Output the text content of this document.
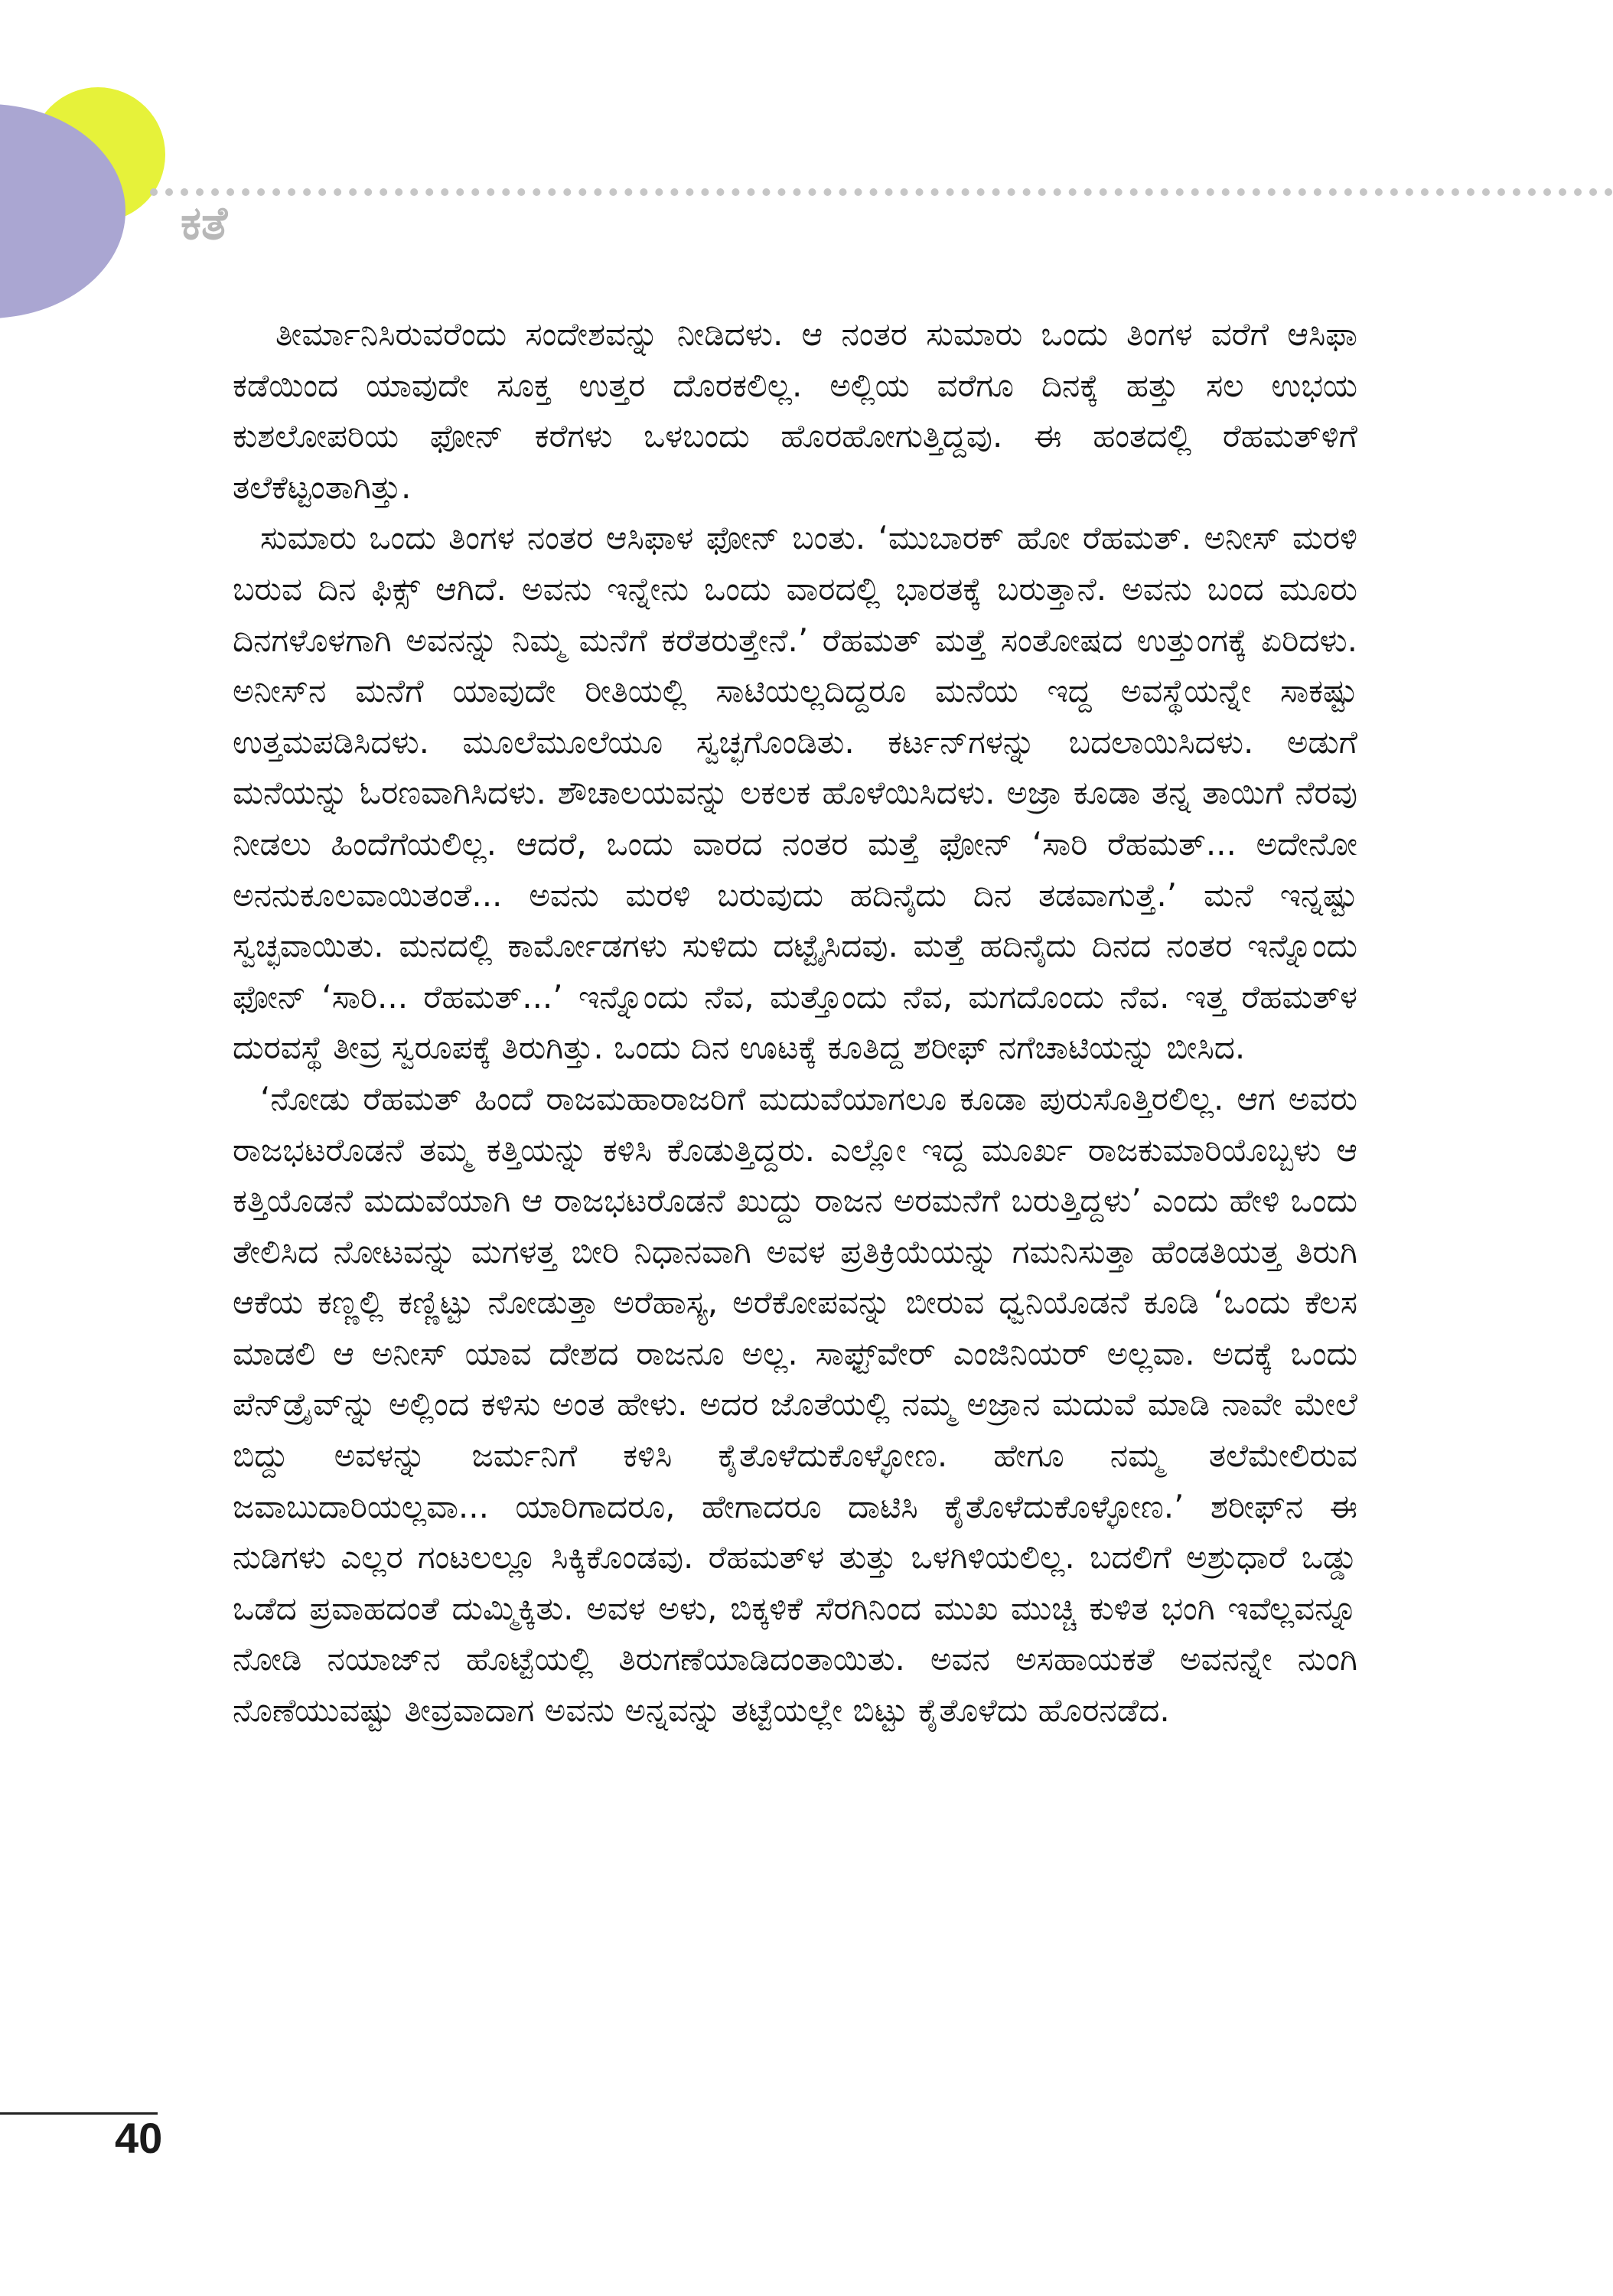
ಕತೆ

ತೀರ್ಮಾನಿಸಿರುವರೆಂದು ಸಂದೇಶವನ್ನು ನೀಡಿದಳು. ಆ ನಂತರ ಸುಮಾರು ಒಂದು ತಿಂಗಳ ವರೆಗೆ ಆಸಿಫಾ ಕಡೆಯಿಂದ ಯಾವುದೇ ಸೂಕ್ತ ಉತ್ತರ ದೊರಕಲಿಲ್ಲ. ಅಲ್ಲಿಯ ವರೆಗೂ ದಿನಕ್ಕೆ ಹತ್ತು ಸಲ ಉಭಯ ಕುಶಲೋಪರಿಯ ಫೋನ್ ಕರೆಗಳು ಒಳಬಂದು ಹೊರಹೋಗುತ್ತಿದ್ದವು. ಈ ಹಂತದಲ್ಲಿ ರೆಹಮತ್‌ಳಿಗೆ ತಲೆಕೆಟ್ಟಂತಾಗಿತ್ತು.

ಸುಮಾರು ಒಂದು ತಿಂಗಳ ನಂತರ ಆಸಿಫಾಳ ಫೋನ್ ಬಂತು. ‘ಮುಬಾರಕ್ ಹೋ ರೆಹಮತ್. ಅನೀಸ್ ಮರಳಿ ಬರುವ ದಿನ ಫಿಕ್ಸ್ ಆಗಿದೆ. ಅವನು ಇನ್ನೇನು ಒಂದು ವಾರದಲ್ಲಿ ಭಾರತಕ್ಕೆ ಬರುತ್ತಾನೆ. ಅವನು ಬಂದ ಮೂರು ದಿನಗಳೊಳಗಾಗಿ ಅವನನ್ನು ನಿಮ್ಮ ಮನೆಗೆ ಕರೆತರುತ್ತೇನೆ.’ ರೆಹಮತ್ ಮತ್ತೆ ಸಂತೋಷದ ಉತ್ತುಂಗಕ್ಕೆ ಏರಿದಳು. ಅನೀಸ್‌ನ ಮನೆಗೆ ಯಾವುದೇ ರೀತಿಯಲ್ಲಿ ಸಾಟಿಯಲ್ಲದಿದ್ದರೂ ಮನೆಯ ಇದ್ದ ಅವಸ್ಥೆಯನ್ನೇ ಸಾಕಷ್ಟು ಉತ್ತಮಪಡಿಸಿದಳು. ಮೂಲೆಮೂಲೆಯೂ ಸ್ವಚ್ಛಗೊಂಡಿತು. ಕರ್ಟನ್‌ಗಳನ್ನು ಬದಲಾಯಿಸಿದಳು. ಅಡುಗೆ ಮನೆಯನ್ನು ಓರಣವಾಗಿಸಿದಳು. ಶೌಚಾಲಯವನ್ನು ಲಕಲಕ ಹೊಳೆಯಿಸಿದಳು. ಅಜ್ರಾ ಕೂಡಾ ತನ್ನ ತಾಯಿಗೆ ನೆರವು ನೀಡಲು ಹಿಂದೆಗೆಯಲಿಲ್ಲ. ಆದರೆ, ಒಂದು ವಾರದ ನಂತರ ಮತ್ತೆ ಫೋನ್ ‘ಸಾರಿ ರೆಹಮತ್... ಅದೇನೋ ಅನನುಕೂಲವಾಯಿತಂತೆ... ಅವನು ಮರಳಿ ಬರುವುದು ಹದಿನೈದು ದಿನ ತಡವಾಗುತ್ತೆ.’ ಮನೆ ಇನ್ನಷ್ಟು ಸ್ವಚ್ಛವಾಯಿತು. ಮನದಲ್ಲಿ ಕಾರ್ಮೋಡಗಳು ಸುಳಿದು ದಟ್ಟೈಸಿದವು. ಮತ್ತೆ ಹದಿನೈದು ದಿನದ ನಂತರ ಇನ್ನೊಂದು ಫೋನ್ ‘ಸಾರಿ... ರೆಹಮತ್...’ ಇನ್ನೊಂದು ನೆವ, ಮತ್ತೊಂದು ನೆವ, ಮಗದೊಂದು ನೆವ. ಇತ್ತ ರೆಹಮತ್‌ಳ ದುರವಸ್ಥೆ ತೀವ್ರ ಸ್ವರೂಪಕ್ಕೆ ತಿರುಗಿತ್ತು. ಒಂದು ದಿನ ಊಟಕ್ಕೆ ಕೂತಿದ್ದ ಶರೀಫ್ ನಗೆಚಾಟಿಯನ್ನು ಬೀಸಿದ.

‘ನೋಡು ರೆಹಮತ್ ಹಿಂದೆ ರಾಜಮಹಾರಾಜರಿಗೆ ಮದುವೆಯಾಗಲೂ ಕೂಡಾ ಪುರುಸೊತ್ತಿರಲಿಲ್ಲ. ಆಗ ಅವರು ರಾಜಭಟರೊಡನೆ ತಮ್ಮ ಕತ್ತಿಯನ್ನು ಕಳಿಸಿ ಕೊಡುತ್ತಿದ್ದರು. ಎಲ್ಲೋ ಇದ್ದ ಮೂರ್ಖ ರಾಜಕುಮಾರಿಯೊಬ್ಬಳು ಆ ಕತ್ತಿಯೊಡನೆ ಮದುವೆಯಾಗಿ ಆ ರಾಜಭಟರೊಡನೆ ಖುದ್ದು ರಾಜನ ಅರಮನೆಗೆ ಬರುತ್ತಿದ್ದಳು’ ಎಂದು ಹೇಳಿ ಒಂದು ತೇಲಿಸಿದ ನೋಟವನ್ನು ಮಗಳತ್ತ ಬೀರಿ ನಿಧಾನವಾಗಿ ಅವಳ ಪ್ರತಿಕ್ರಿಯೆಯನ್ನು ಗಮನಿಸುತ್ತಾ ಹೆಂಡತಿಯತ್ತ ತಿರುಗಿ ಆಕೆಯ ಕಣ್ಣಲ್ಲಿ ಕಣ್ಣಿಟ್ಟು ನೋಡುತ್ತಾ ಅರೆಹಾಸ್ಯ, ಅರೆಕೋಪವನ್ನು ಬೀರುವ ಧ್ವನಿಯೊಡನೆ ಕೂಡಿ ‘ಒಂದು ಕೆಲಸ ಮಾಡಲಿ ಆ ಅನೀಸ್ ಯಾವ ದೇಶದ ರಾಜನೂ ಅಲ್ಲ. ಸಾಫ್ಟ್‌ವೇರ್ ಎಂಜಿನಿಯರ್ ಅಲ್ಲವಾ. ಅದಕ್ಕೆ ಒಂದು ಪೆನ್‌ಡ್ರೈವ್‌ನ್ನು ಅಲ್ಲಿಂದ ಕಳಿಸು ಅಂತ ಹೇಳು. ಅದರ ಜೊತೆಯಲ್ಲಿ ನಮ್ಮ ಅಜ್ರಾನ ಮದುವೆ ಮಾಡಿ ನಾವೇ ಮೇಲೆ ಬಿದ್ದು ಅವಳನ್ನು ಜರ್ಮನಿಗೆ ಕಳಿಸಿ ಕೈತೊಳೆದುಕೊಳ್ಳೋಣ. ಹೇಗೂ ನಮ್ಮ ತಲೆಮೇಲಿರುವ ಜವಾಬುದಾರಿಯಲ್ಲವಾ... ಯಾರಿಗಾದರೂ, ಹೇಗಾದರೂ ದಾಟಿಸಿ ಕೈತೊಳೆದುಕೊಳ್ಳೋಣ.’ ಶರೀಫ್‌ನ ಈ ನುಡಿಗಳು ಎಲ್ಲರ ಗಂಟಲಲ್ಲೂ ಸಿಕ್ಕಿಕೊಂಡವು. ರೆಹಮತ್‌ಳ ತುತ್ತು ಒಳಗಿಳಿಯಲಿಲ್ಲ. ಬದಲಿಗೆ ಅಶ್ರುಧಾರೆ ಒಡ್ಡು ಒಡೆದ ಪ್ರವಾಹದಂತೆ ದುಮ್ಮಿಕ್ಕಿತು. ಅವಳ ಅಳು, ಬಿಕ್ಕಳಿಕೆ ಸೆರಗಿನಿಂದ ಮುಖ ಮುಚ್ಚಿ ಕುಳಿತ ಭಂಗಿ ಇವೆಲ್ಲವನ್ನೂ ನೋಡಿ ನಯಾಜ್‌ನ ಹೊಟ್ಟೆಯಲ್ಲಿ ತಿರುಗಣೆಯಾಡಿದಂತಾಯಿತು. ಅವನ ಅಸಹಾಯಕತೆ ಅವನನ್ನೇ ನುಂಗಿ ನೊಣೆಯುವಷ್ಟು ತೀವ್ರವಾದಾಗ ಅವನು ಅನ್ನವನ್ನು ತಟ್ಟೆಯಲ್ಲೇ ಬಿಟ್ಟು ಕೈತೊಳೆದು ಹೊರನಡೆದ.

40
